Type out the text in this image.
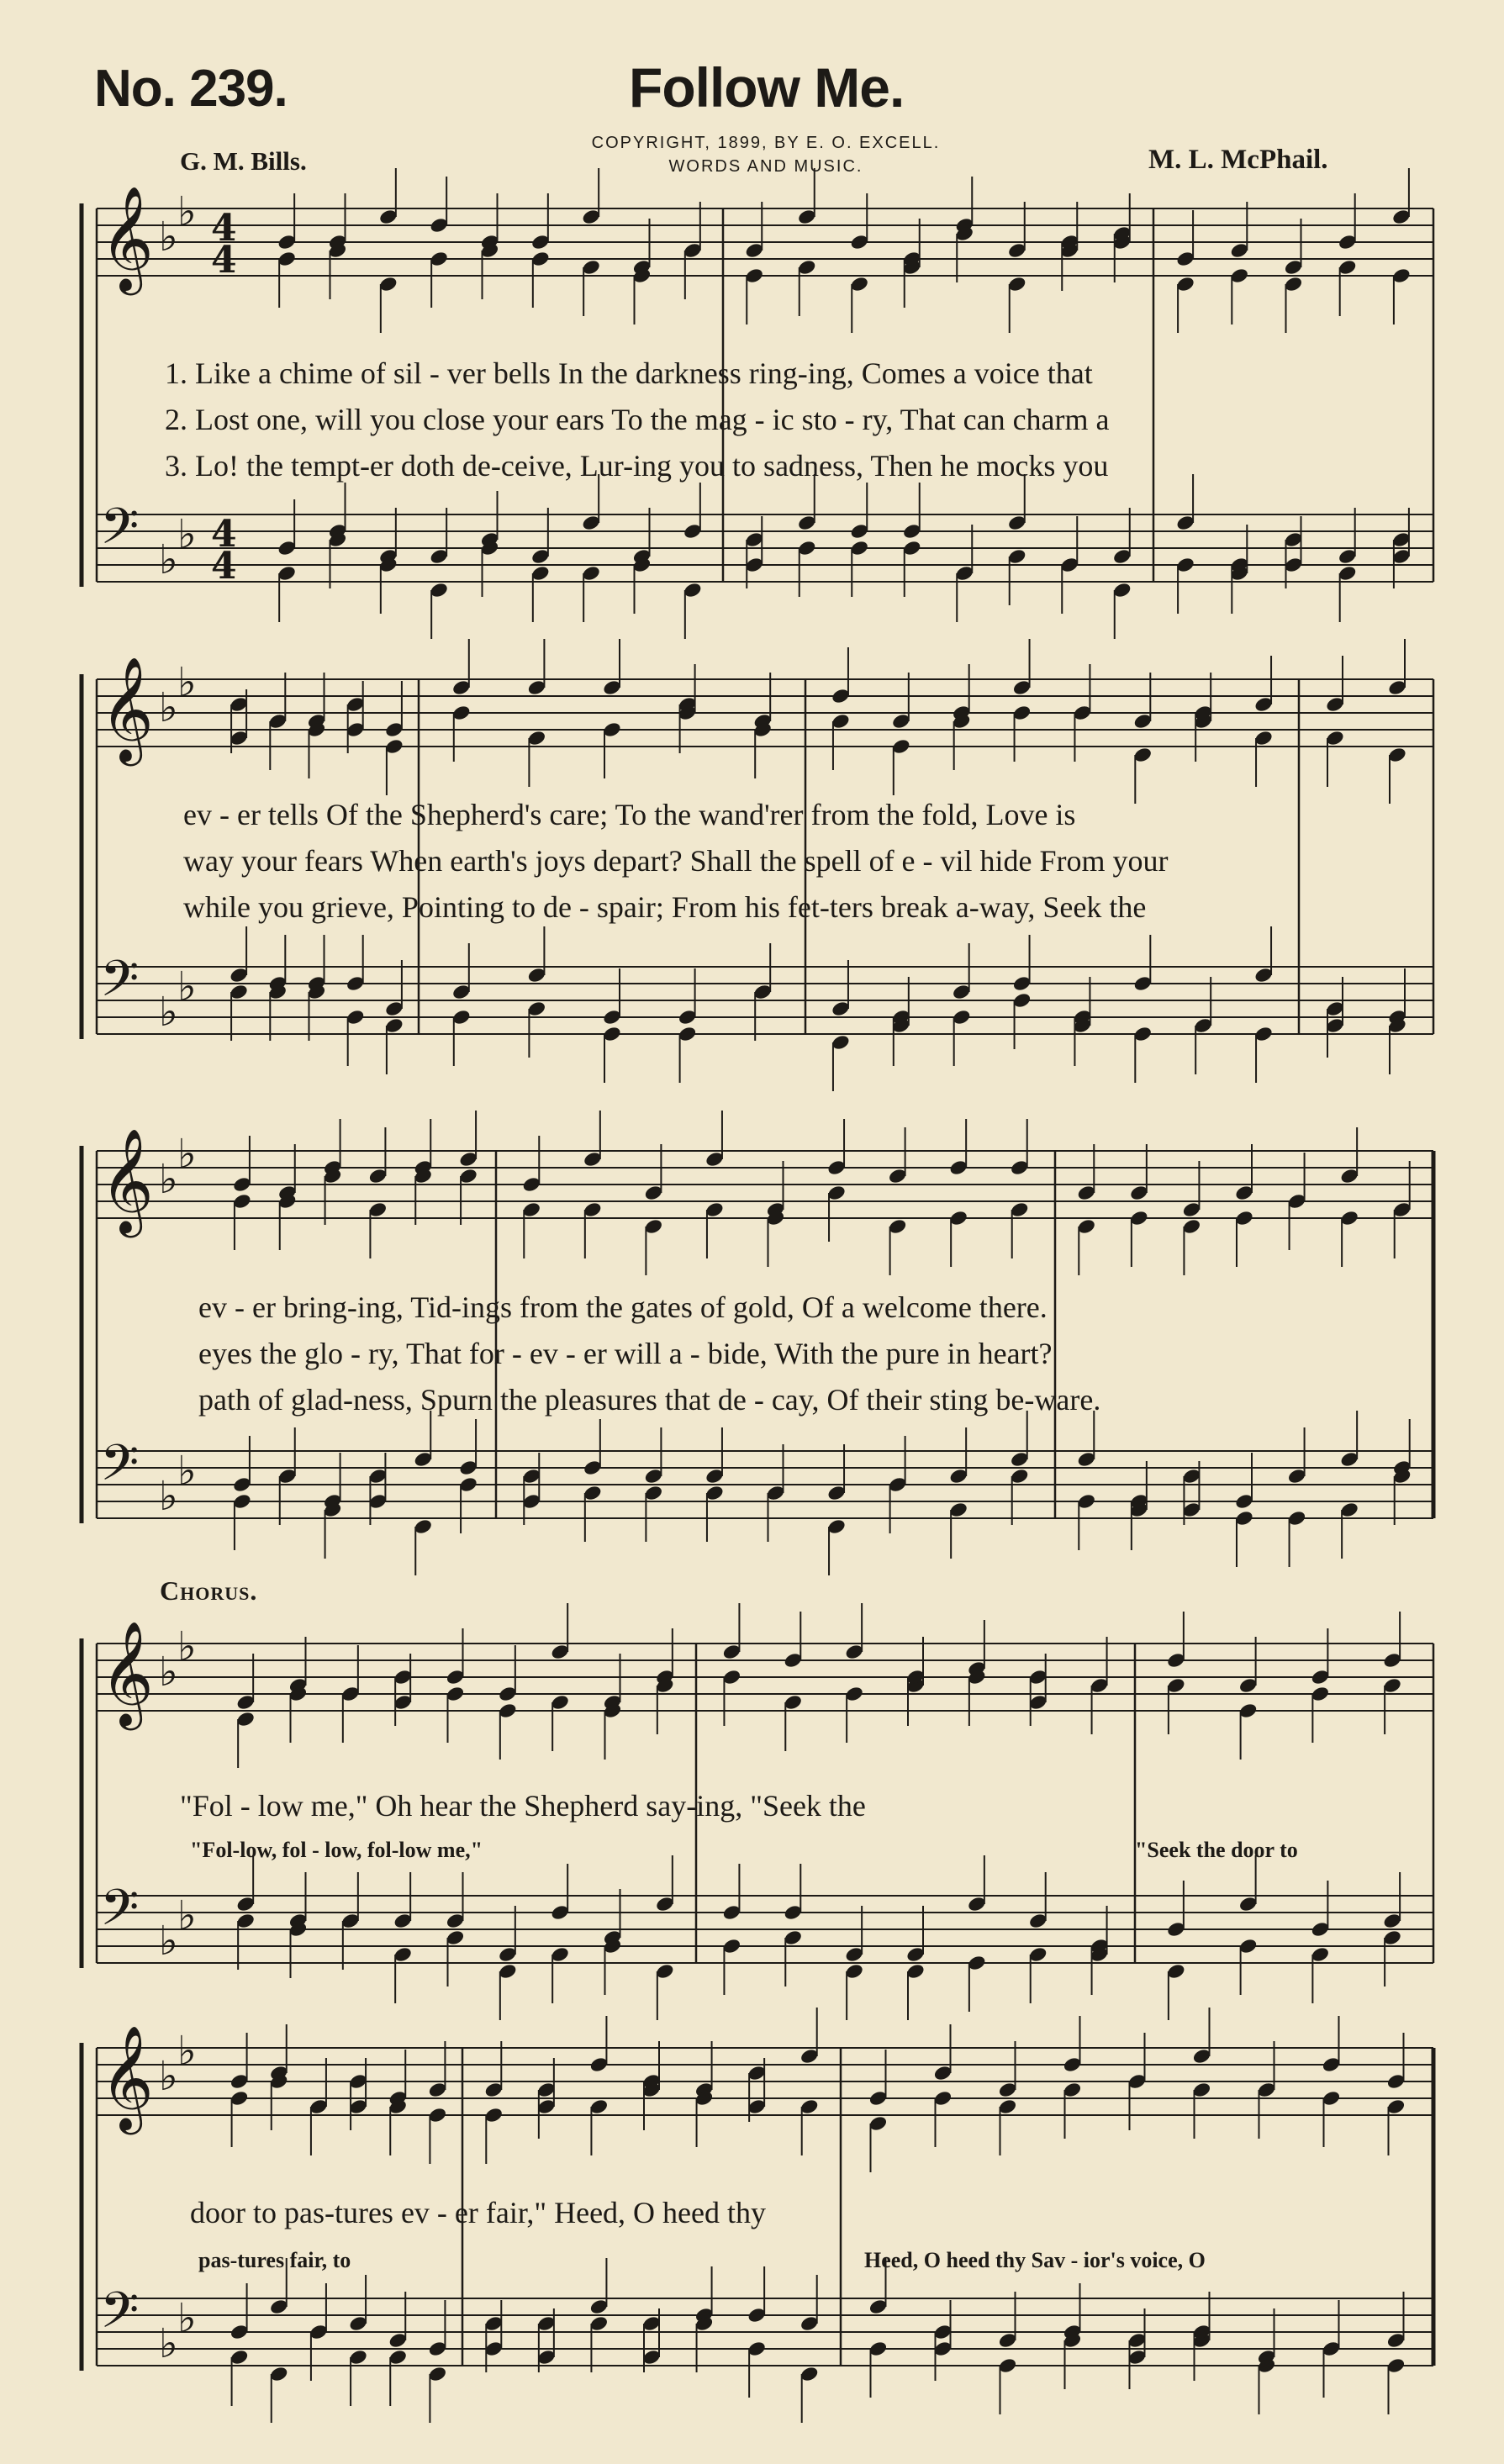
𝄞 ♭
♭
𝄢 ♭
♭
4
4
4
4
𝄞 ♭
♭
𝄢 ♭
♭
𝄞 ♭
♭
𝄢 ♭
♭
𝄞 ♭
♭
𝄢 ♭
♭
𝄞 ♭
♭
𝄢 ♭
♭
No. 239.	Follow Me.
COPYRIGHT, 1899, BY E. O. EXCELL.
WORDS AND MUSIC.
G. M. Bills.	M. L. McPhail.
1. Like a chime of sil - ver bells In the darkness ring-ing, Comes a voice that
2. Lost one, will you close your ears To the mag - ic sto - ry, That can charm a
3. Lo! the tempt-er doth de-ceive, Lur-ing you to sadness, Then he mocks you
ev - er tells Of the Shepherd's care; To the wand'rer from the fold, Love is
way your fears When earth's joys depart? Shall the spell of e - vil hide From your
while you grieve, Pointing to de - spair; From his fet-ters break a-way, Seek the
ev - er bring-ing, Tid-ings from the gates of gold, Of a welcome there.
eyes the glo - ry, That for - ev - er will a - bide, With the pure in heart?
path of glad-ness, Spurn the pleasures that de - cay, Of their sting be-ware.
Chorus.
"Fol - low me," Oh hear the Shepherd say-ing, "Seek the
"Fol-low, fol - low, fol-low me,"	"Seek the door to
door to pas-tures ev - er fair," Heed, O heed thy
pas-tures fair, to	Heed, O heed thy Sav - ior's voice, O
